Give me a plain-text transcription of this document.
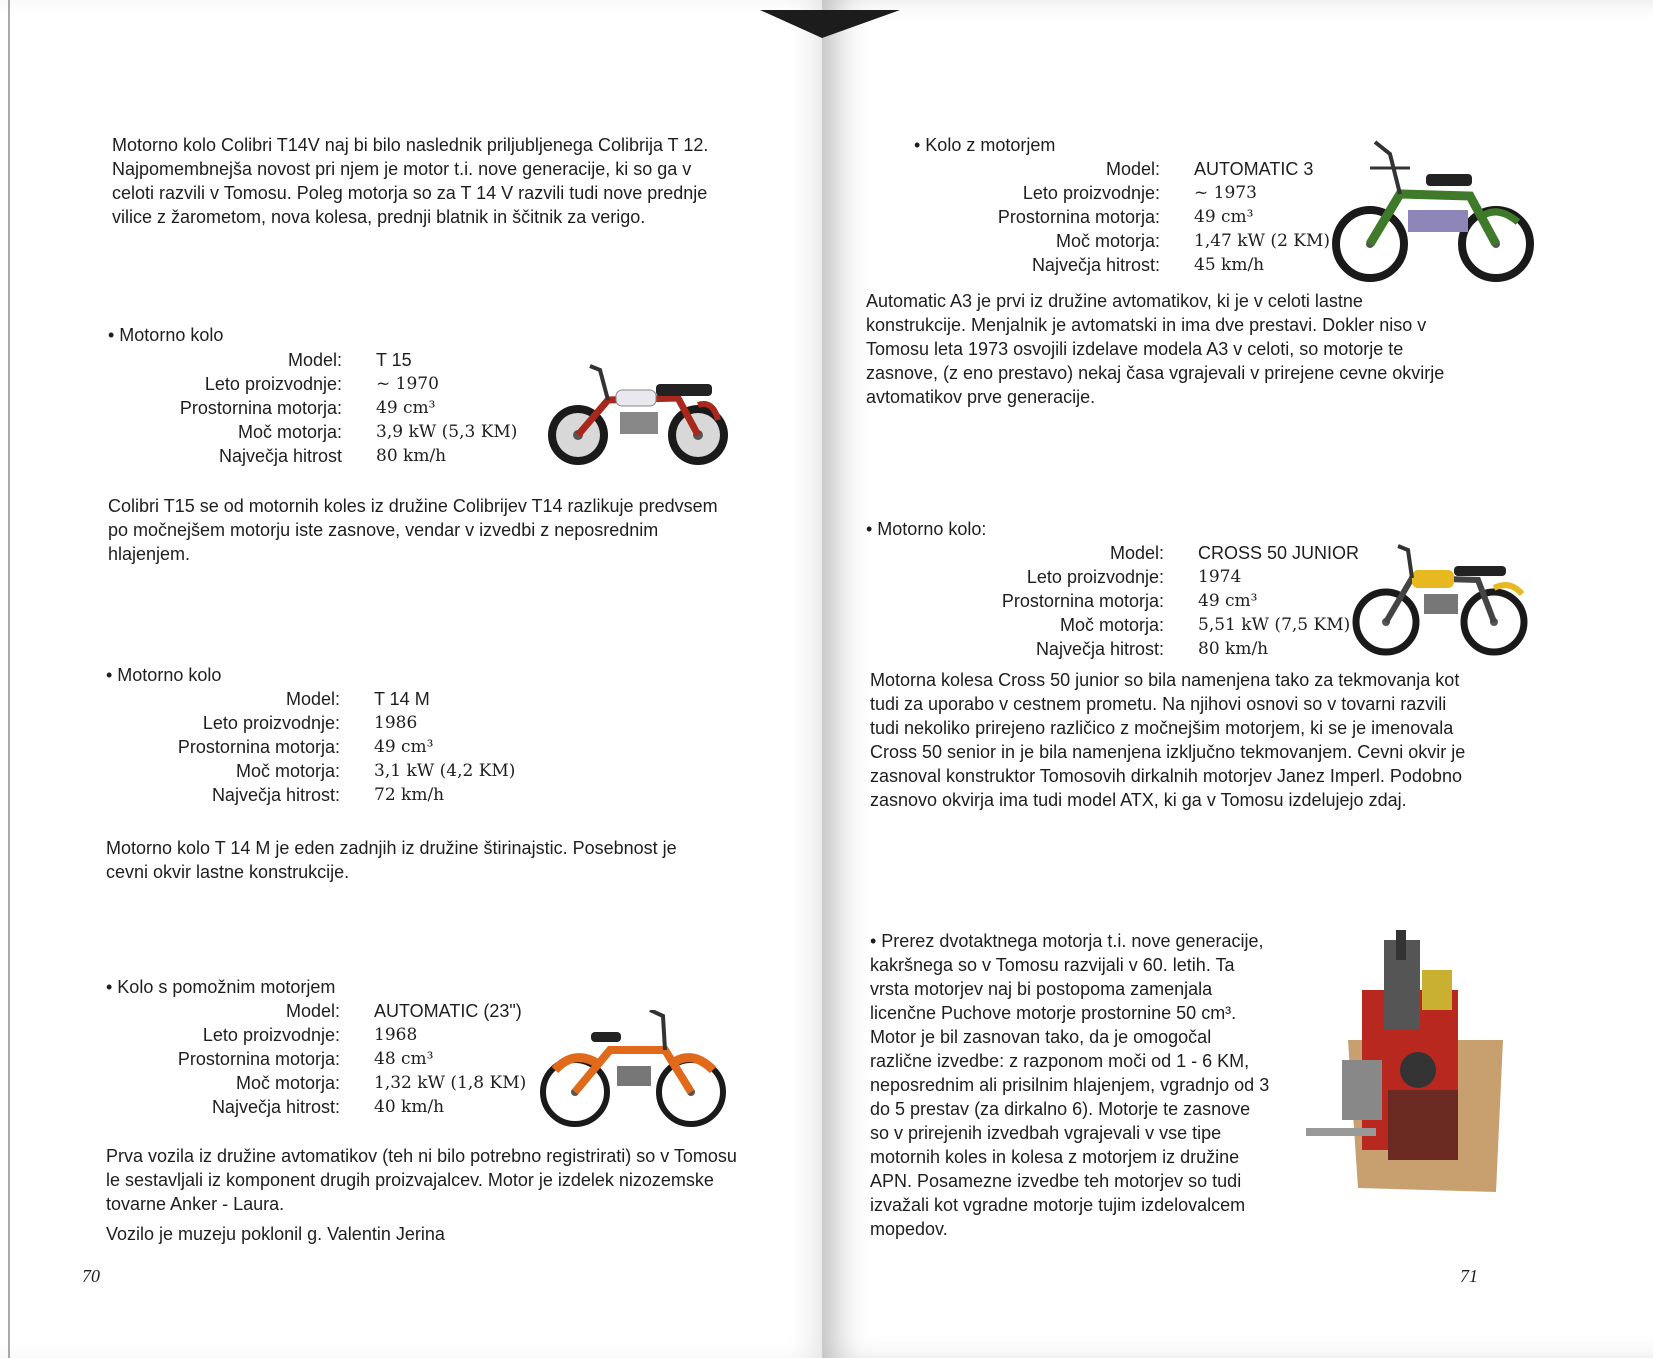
Motorno kolo Colibri T14V naj bi bilo naslednik priljubljenega Colibrija T 12. Najpomembnejša novost pri njem je motor t.i. nove generacije, ki so ga v celoti razvili v Tomosu. Poleg motorja so za T 14 V razvili tudi nove prednje vilice z žarometom, nova kolesa, prednji blatnik in ščitnik za verigo.

• Motorno kolo
Model:	T 15
Leto proizvodnje:	~ 1970
Prostornina motorja:	49 cm³
Moč motorja:	3,9 kW (5,3 KM)
Največja hitrost	80 km/h

Colibri T15 se od motornih koles iz družine Colibrijev T14 razlikuje predvsem po močnejšem motorju iste zasnove, vendar v izvedbi z neposrednim hlajenjem.

• Motorno kolo
Model:	T 14 M
Leto proizvodnje:	1986
Prostornina motorja:	49 cm³
Moč motorja:	3,1 kW (4,2 KM)
Največja hitrost:	72 km/h

Motorno kolo T 14 M je eden zadnjih iz družine štirinajstic. Posebnost je cevni okvir lastne konstrukcije.

• Kolo s pomožnim motorjem
Model:	AUTOMATIC (23")
Leto proizvodnje:	1968
Prostornina motorja:	48 cm³
Moč motorja:	1,32 kW (1,8 KM)
Največja hitrost:	40 km/h

Prva vozila iz družine avtomatikov (teh ni bilo potrebno registrirati) so v Tomosu le sestavljali iz komponent drugih proizvajalcev. Motor je izdelek nizozemske tovarne Anker - Laura.

Vozilo je muzeju poklonil g. Valentin Jerina

70
• Kolo z motorjem
Model:	AUTOMATIC 3
Leto proizvodnje:	~ 1973
Prostornina motorja:	49 cm³
Moč motorja:	1,47 kW (2 KM)
Največja hitrost:	45 km/h

Automatic A3 je prvi iz družine avtomatikov, ki je v celoti lastne konstrukcije. Menjalnik je avtomatski in ima dve prestavi. Dokler niso v Tomosu leta 1973 osvojili izdelave modela A3 v celoti, so motorje te zasnove, (z eno prestavo) nekaj časa vgrajevali v prirejene cevne okvirje avtomatikov prve generacije.

• Motorno kolo:
Model:	CROSS 50 JUNIOR
Leto proizvodnje:	1974
Prostornina motorja:	49 cm³
Moč motorja:	5,51 kW (7,5 KM)
Največja hitrost:	80 km/h

Motorna kolesa Cross 50 junior so bila namenjena tako za tekmovanja kot tudi za uporabo v cestnem prometu. Na njihovi osnovi so v tovarni razvili tudi nekoliko prirejeno različico z močnejšim motorjem, ki se je imenovala Cross 50 senior in je bila namenjena izključno tekmovanjem. Cevni okvir je zasnoval konstruktor Tomosovih dirkalnih motorjev Janez Imperl. Podobno zasnovo okvirja ima tudi model ATX, ki ga v Tomosu izdelujejo zdaj.

• Prerez dvotaktnega motorja t.i. nove generacije, kakršnega so v Tomosu razvijali v 60. letih. Ta vrsta motorjev naj bi postopoma zamenjala licenčne Puchove motorje prostornine 50 cm³. Motor je bil zasnovan tako, da je omogočal različne izvedbe: z razponom moči od 1 - 6 KM, neposrednim ali prisilnim hlajenjem, vgradnjo od 3 do 5 prestav (za dirkalno 6). Motorje te zasnove so v prirejenih izvedbah vgrajevali v vse tipe motornih koles in kolesa z motorjem iz družine APN. Posamezne izvedbe teh motorjev so tudi izvažali kot vgradne motorje tujim izdelovalcem mopedov.

71
